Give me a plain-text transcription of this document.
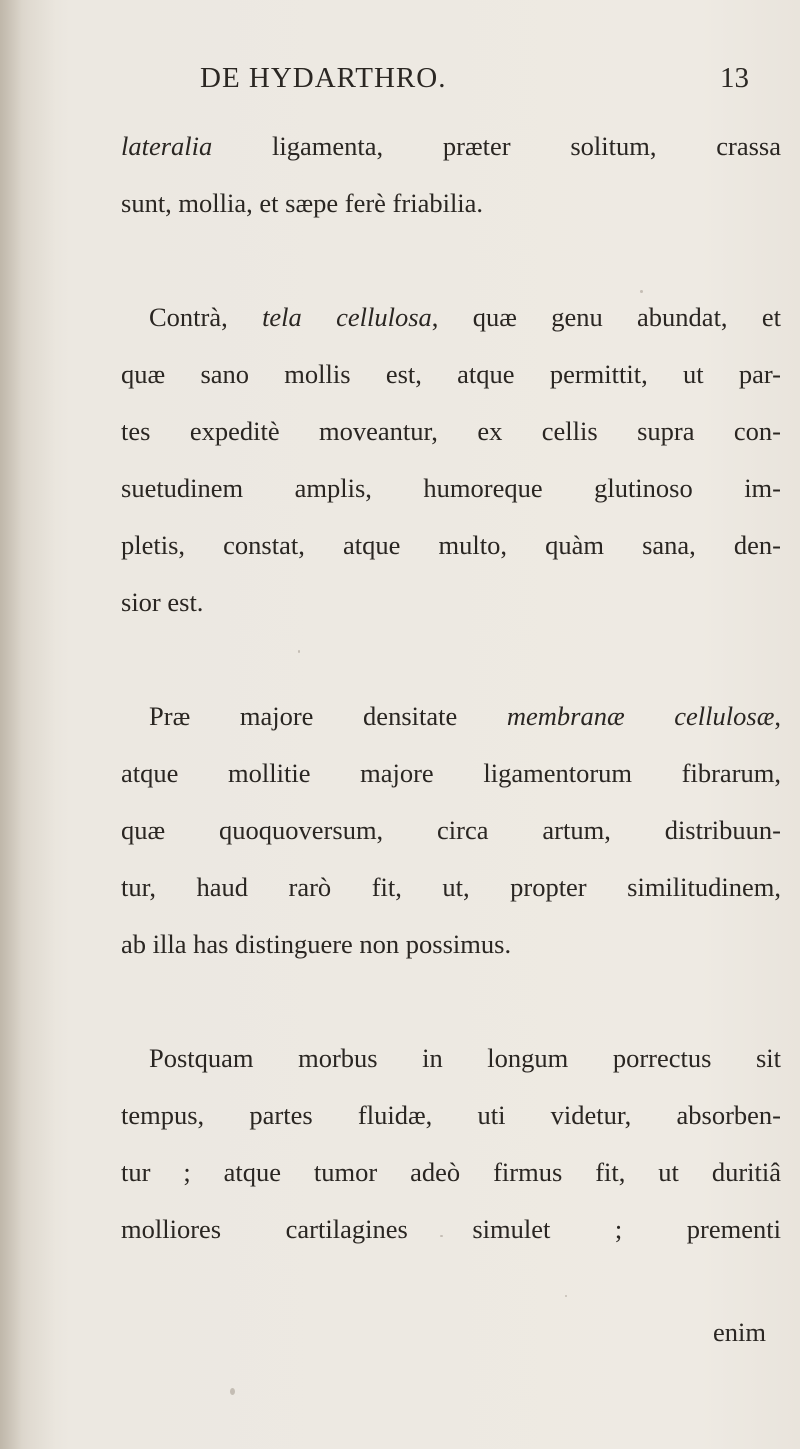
DE HYDARTHRO.	13
lateralia ligamenta, præter solitum, crassa
sunt, mollia, et sæpe ferè friabilia.
Contrà, tela cellulosa, quæ genu abundat, et
quæ sano mollis est, atque permittit, ut par-
tes expeditè moveantur, ex cellis supra con-
suetudinem amplis, humoreque glutinoso im-
pletis, constat, atque multo, quàm sana, den-
sior est.
Præ majore densitate membranæ cellulosæ,
atque mollitie majore ligamentorum fibrarum,
quæ quoquoversum, circa artum, distribuun-
tur, haud rarò fit, ut, propter similitudinem,
ab illa has distinguere non possimus.
Postquam morbus in longum porrectus sit
tempus, partes fluidæ, uti videtur, absorben-
tur ; atque tumor adeò firmus fit, ut duritiâ
molliores cartilagines simulet ; prementi
enim
